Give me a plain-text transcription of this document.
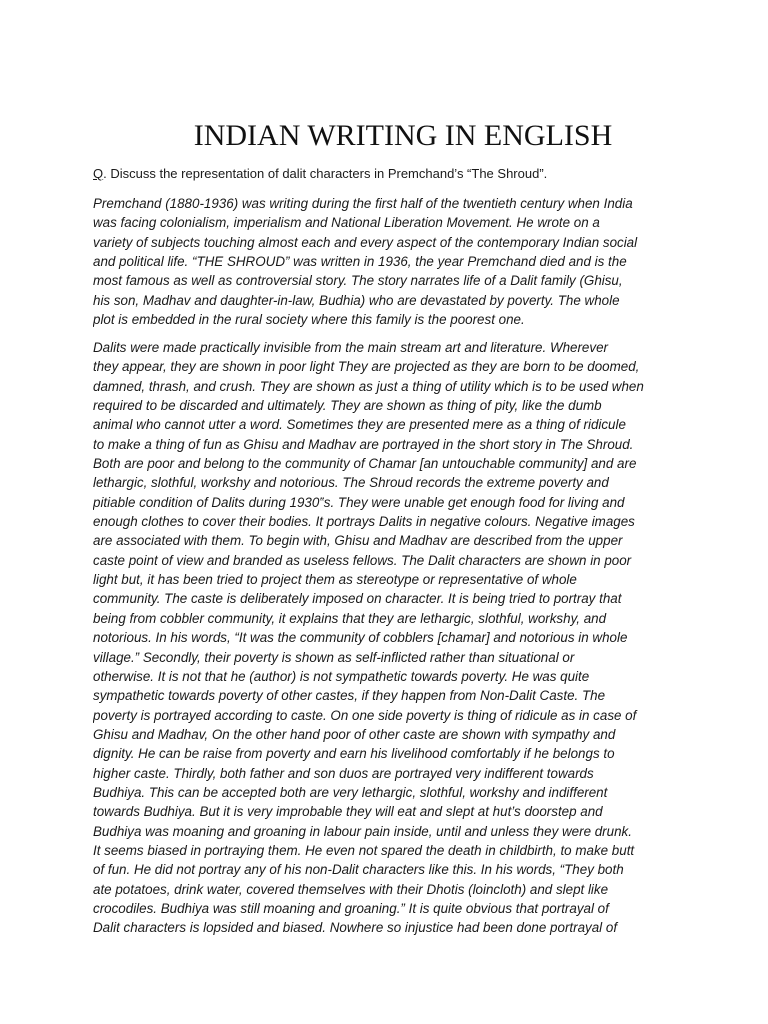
INDIAN WRITING IN ENGLISH

Q. Discuss the representation of dalit characters in Premchand’s “The Shroud”.

Premchand (1880-1936) was writing during the first half of the twentieth century when India
was facing colonialism, imperialism and National Liberation Movement. He wrote on a
variety of subjects touching almost each and every aspect of the contemporary Indian social
and political life. “THE SHROUD” was written in 1936, the year Premchand died and is the
most famous as well as controversial story. The story narrates life of a Dalit family (Ghisu,
his son, Madhav and daughter-in-law, Budhia) who are devastated by poverty. The whole
plot is embedded in the rural society where this family is the poorest one.
Dalits were made practically invisible from the main stream art and literature. Wherever
they appear, they are shown in poor light They are projected as they are born to be doomed,
damned, thrash, and crush. They are shown as just a thing of utility which is to be used when
required to be discarded and ultimately. They are shown as thing of pity, like the dumb
animal who cannot utter a word. Sometimes they are presented mere as a thing of ridicule
to make a thing of fun as Ghisu and Madhav are portrayed in the short story in The Shroud.
Both are poor and belong to the community of Chamar [an untouchable community] and are
lethargic, slothful, workshy and notorious. The Shroud records the extreme poverty and
pitiable condition of Dalits during 1930‟s. They were unable get enough food for living and
enough clothes to cover their bodies. It portrays Dalits in negative colours. Negative images
are associated with them. To begin with, Ghisu and Madhav are described from the upper
caste point of view and branded as useless fellows. The Dalit characters are shown in poor
light but, it has been tried to project them as stereotype or representative of whole
community. The caste is deliberately imposed on character. It is being tried to portray that
being from cobbler community, it explains that they are lethargic, slothful, workshy, and
notorious. In his words, “It was the community of cobblers [chamar] and notorious in whole
village.” Secondly, their poverty is shown as self-inflicted rather than situational or
otherwise. It is not that he (author) is not sympathetic towards poverty. He was quite
sympathetic towards poverty of other castes, if they happen from Non-Dalit Caste. The
poverty is portrayed according to caste. On one side poverty is thing of ridicule as in case of
Ghisu and Madhav, On the other hand poor of other caste are shown with sympathy and
dignity. He can be raise from poverty and earn his livelihood comfortably if he belongs to
higher caste. Thirdly, both father and son duos are portrayed very indifferent towards
Budhiya. This can be accepted both are very lethargic, slothful, workshy and indifferent
towards Budhiya. But it is very improbable they will eat and slept at hut’s doorstep and
Budhiya was moaning and groaning in labour pain inside, until and unless they were drunk.
It seems biased in portraying them. He even not spared the death in childbirth, to make butt
of fun. He did not portray any of his non-Dalit characters like this. In his words, “They both
ate potatoes, drink water, covered themselves with their Dhotis (loincloth) and slept like
crocodiles. Budhiya was still moaning and groaning.” It is quite obvious that portrayal of
Dalit characters is lopsided and biased. Nowhere so injustice had been done portrayal of
